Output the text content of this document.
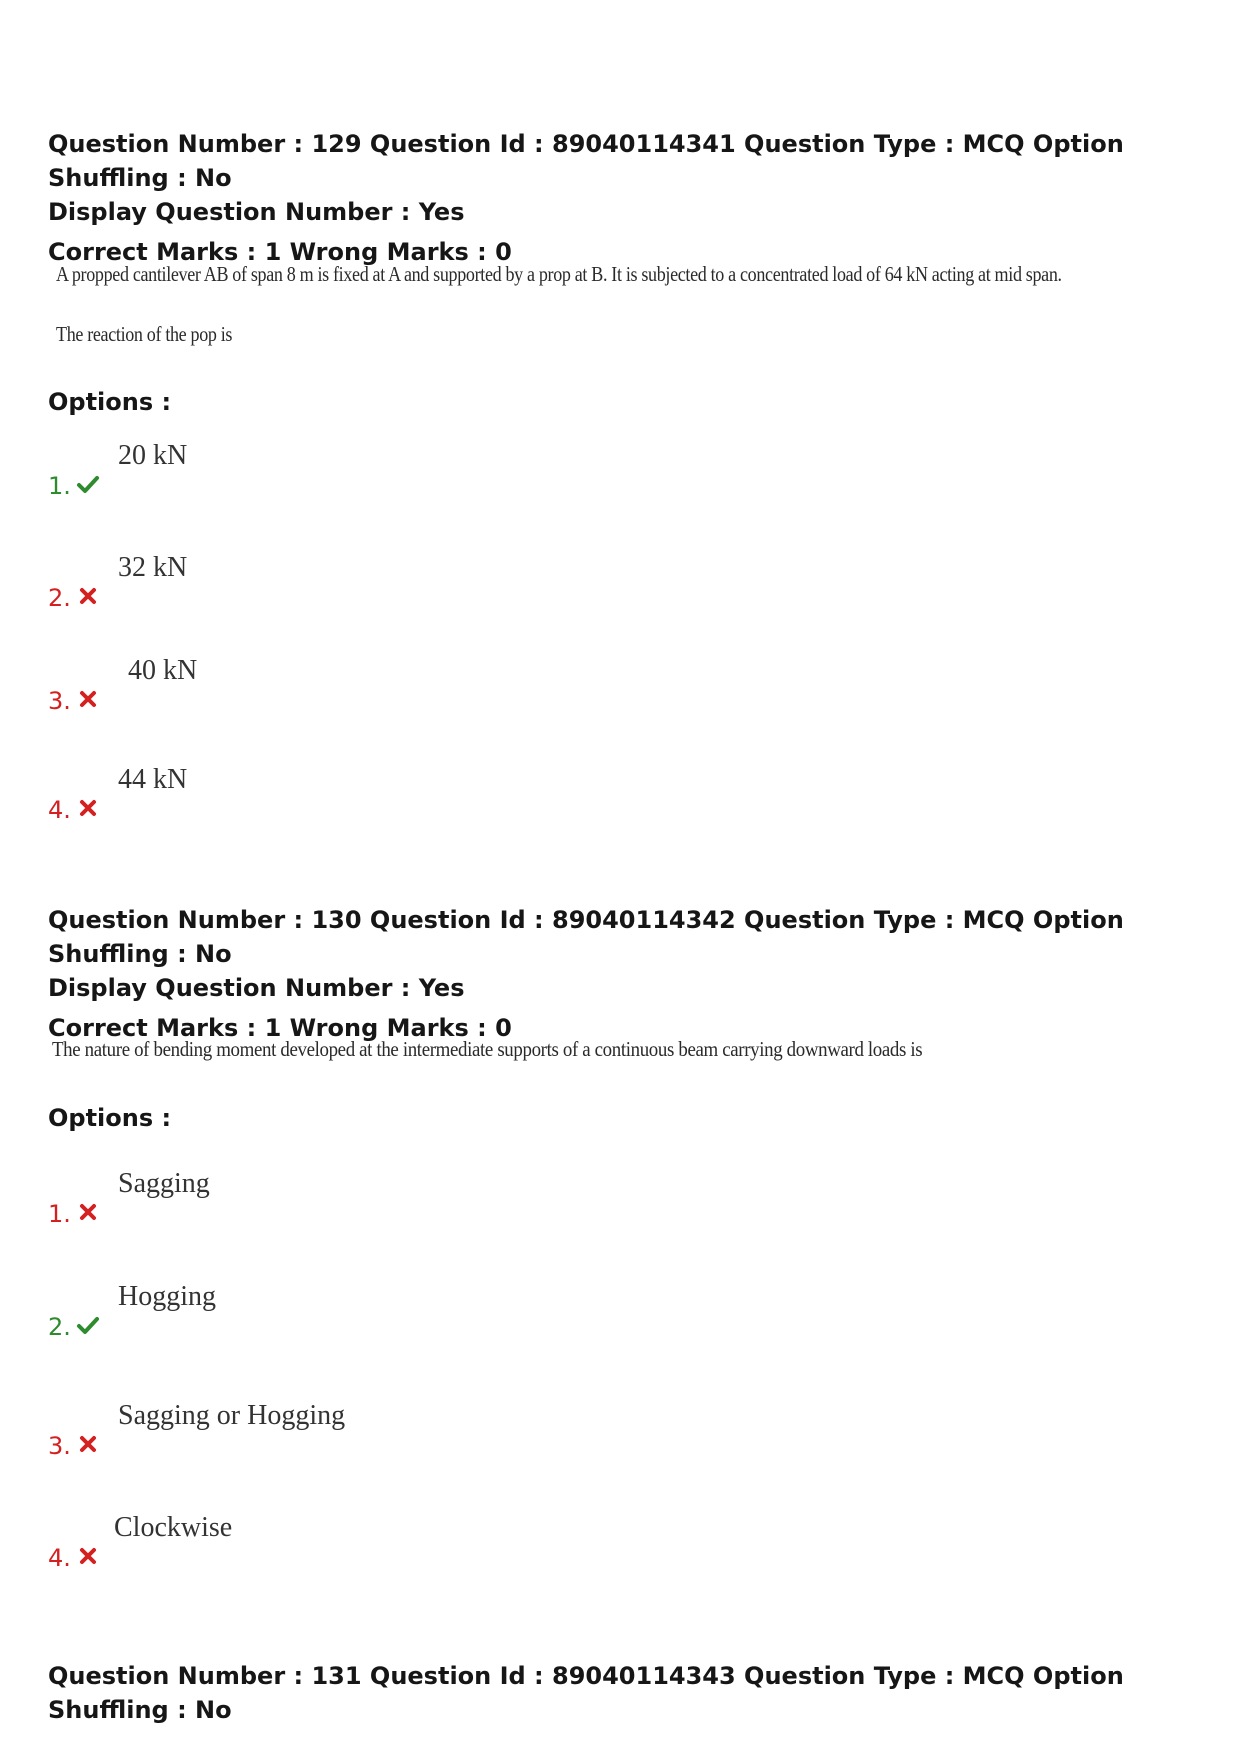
Question Number : 129 Question Id : 89040114341 Question Type : MCQ Option Shuffling : No
Display Question Number : Yes
Correct Marks : 1 Wrong Marks : 0
A propped cantilever AB of span 8 m is fixed at A and supported by a prop at B. It is subjected to a concentrated load of 64 kN acting at mid span.
The reaction of the pop is
Options :
1.
20 kN
2.
32 kN
3.
40 kN
4.
44 kN
Question Number : 130 Question Id : 89040114342 Question Type : MCQ Option Shuffling : No
Display Question Number : Yes
Correct Marks : 1 Wrong Marks : 0
The nature of bending moment developed at the intermediate supports of a continuous beam carrying downward loads is
Options :
1.
Sagging
2.
Hogging
3.
Sagging or Hogging
4.
Clockwise
Question Number : 131 Question Id : 89040114343 Question Type : MCQ Option Shuffling : No
